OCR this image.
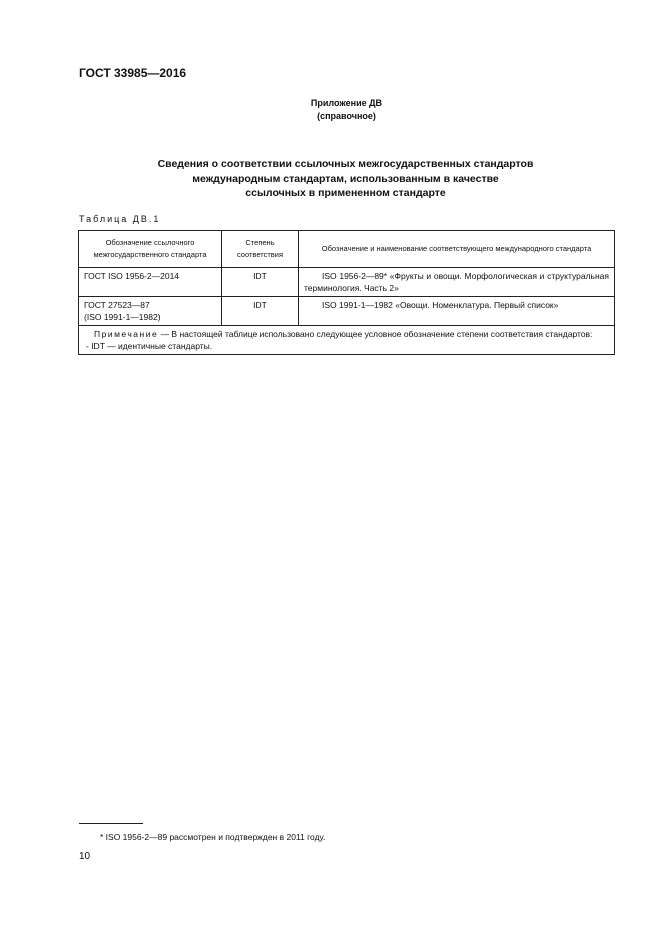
ГОСТ 33985—2016
Приложение ДВ
(справочное)
Сведения о соответствии ссылочных межгосударственных стандартов
международным стандартам, использованным в качестве
ссылочных в примененном стандарте
Таблица ДВ.1
Обозначение ссылочного межгосударственного стандарта	Степень соответствия	Обозначение и наименование соответствующего международного стандарта
ГОСТ ISO 1956-2—2014	IDT	ISO 1956-2—89* «Фрукты и овощи. Морфологическая и структуральная терминология. Часть 2»

ГОСТ 27523—87
(ISO 1991-1—1982)	IDT	ISO 1991-1—1982 «Овощи. Номенклатура. Первый список»

Примечание — В настоящей таблице использовано следующее условное обозначение степени соответствия стандартов:
- IDT — идентичные стандарты.		
* ISO 1956-2—89 рассмотрен и подтвержден в 2011 году.
10
